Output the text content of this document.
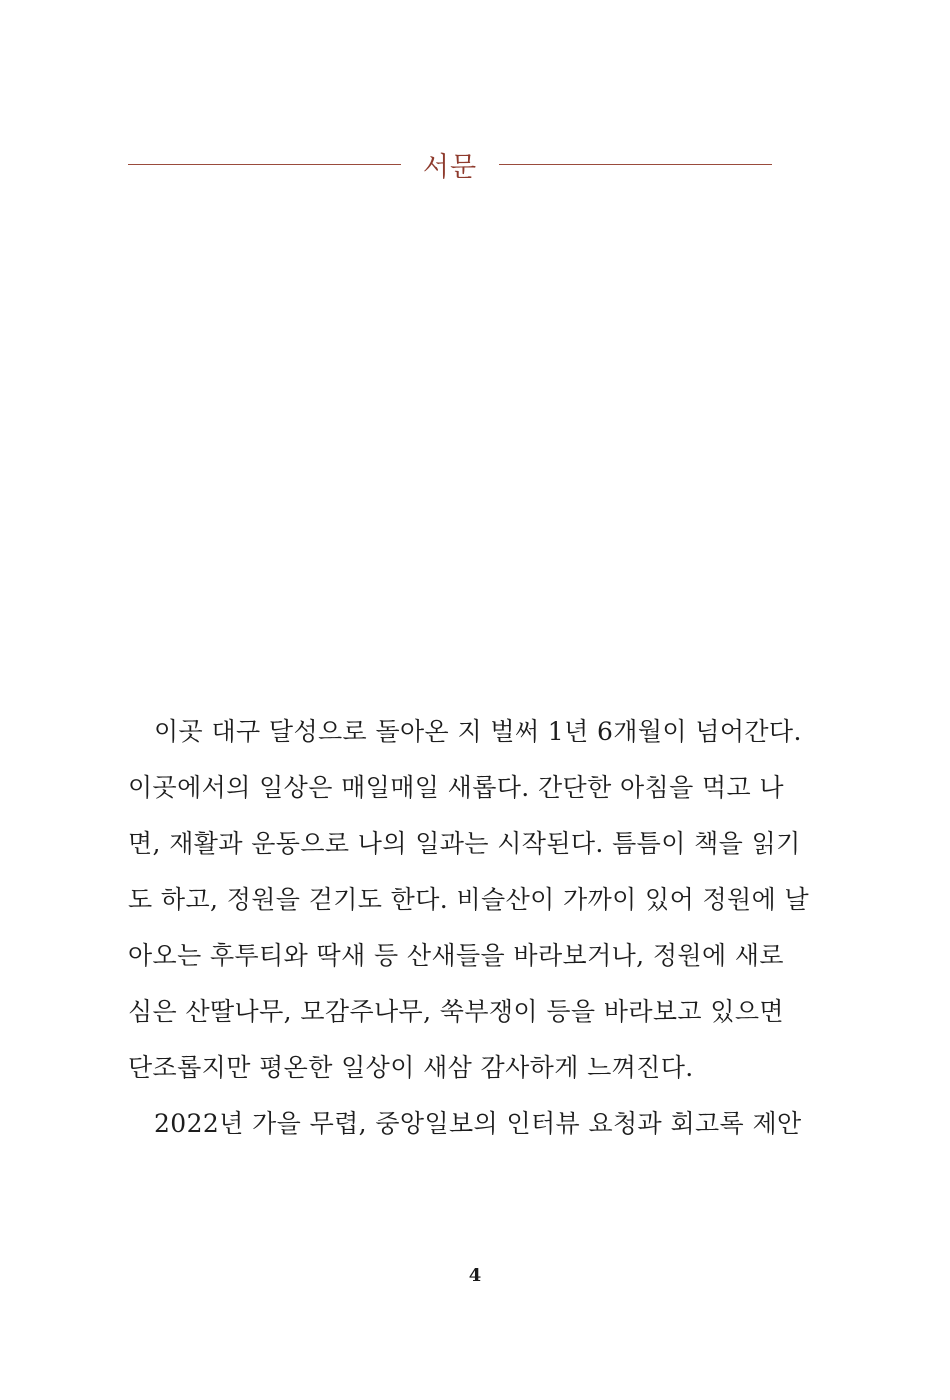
서문

이곳 대구 달성으로 돌아온 지 벌써 1년 6개월이 넘어간다.
이곳에서의 일상은 매일매일 새롭다. 간단한 아침을 먹고 나
면, 재활과 운동으로 나의 일과는 시작된다. 틈틈이 책을 읽기
도 하고, 정원을 걷기도 한다. 비슬산이 가까이 있어 정원에 날
아오는 후투티와 딱새 등 산새들을 바라보거나, 정원에 새로
심은 산딸나무, 모감주나무, 쑥부쟁이 등을 바라보고 있으면
단조롭지만 평온한 일상이 새삼 감사하게 느껴진다.

2022년 가을 무렵, 중앙일보의 인터뷰 요청과 회고록 제안

4
